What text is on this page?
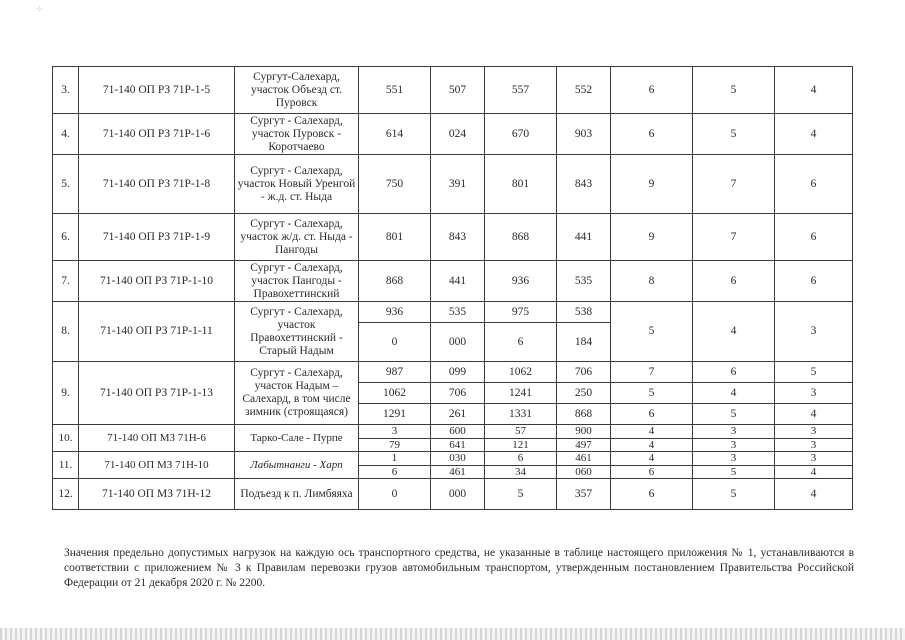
⁘
3.	71-140 ОП РЗ 71Р-1-5	Сургут-Салехард, участок Объезд ст. Пуровск	551	507	557	552	6	5	4
4.	71-140 ОП РЗ 71Р-1-6	Сургут - Салехард, участок Пуровск - Коротчаево	614	024	670	903	6	5	4
5.	71-140 ОП РЗ 71Р-1-8	Сургут - Салехард, участок Новый Уренгой - ж.д. ст. Ныда	750	391	801	843	9	7	6
6.	71-140 ОП РЗ 71Р-1-9	Сургут - Салехард, участок ж/д. ст. Ныда - Пангоды	801	843	868	441	9	7	6
7.	71-140 ОП РЗ 71Р-1-10	Сургут - Салехард, участок Пангоды - Правохеттинский	868	441	936	535	8	6	6
8.	71-140 ОП РЗ 71Р-1-11	Сургут - Салехард, участок Правохеттинский - Старый Надым	936	535	975	538	5	4	3
			0	000	6	184			
9.	71-140 ОП РЗ 71Р-1-13	Сургут - Салехард, участок Надым – Салехард, в том числе зимник (строящаяся)	987	099	1062	706	7	6	5
			1062	706	1241	250	5	4	3
			1291	261	1331	868	6	5	4
10.	71-140 ОП МЗ 71Н-6	Тарко-Сале - Пурпе	3	600	57	900	4	3	3
			79	641	121	497	4	3	3
11.	71-140 ОП МЗ 71Н-10	Лабытнанги - Харп	1	030	6	461	4	3	3
			6	461	34	060	6	5	4
12.	71-140 ОП МЗ 71Н-12	Подъезд к п. Лимбяяха	0	000	5	357	6	5	4

Значения предельно допустимых нагрузок на каждую ось транспортного средства, не указанные в таблице настоящего приложения № 1, устанавливаются в соответствии с приложением № 3 к Правилам перевозки грузов автомобильным транспортом, утвержденным постановлением Правительства Российской Федерации от 21 декабря 2020 г. № 2200.
